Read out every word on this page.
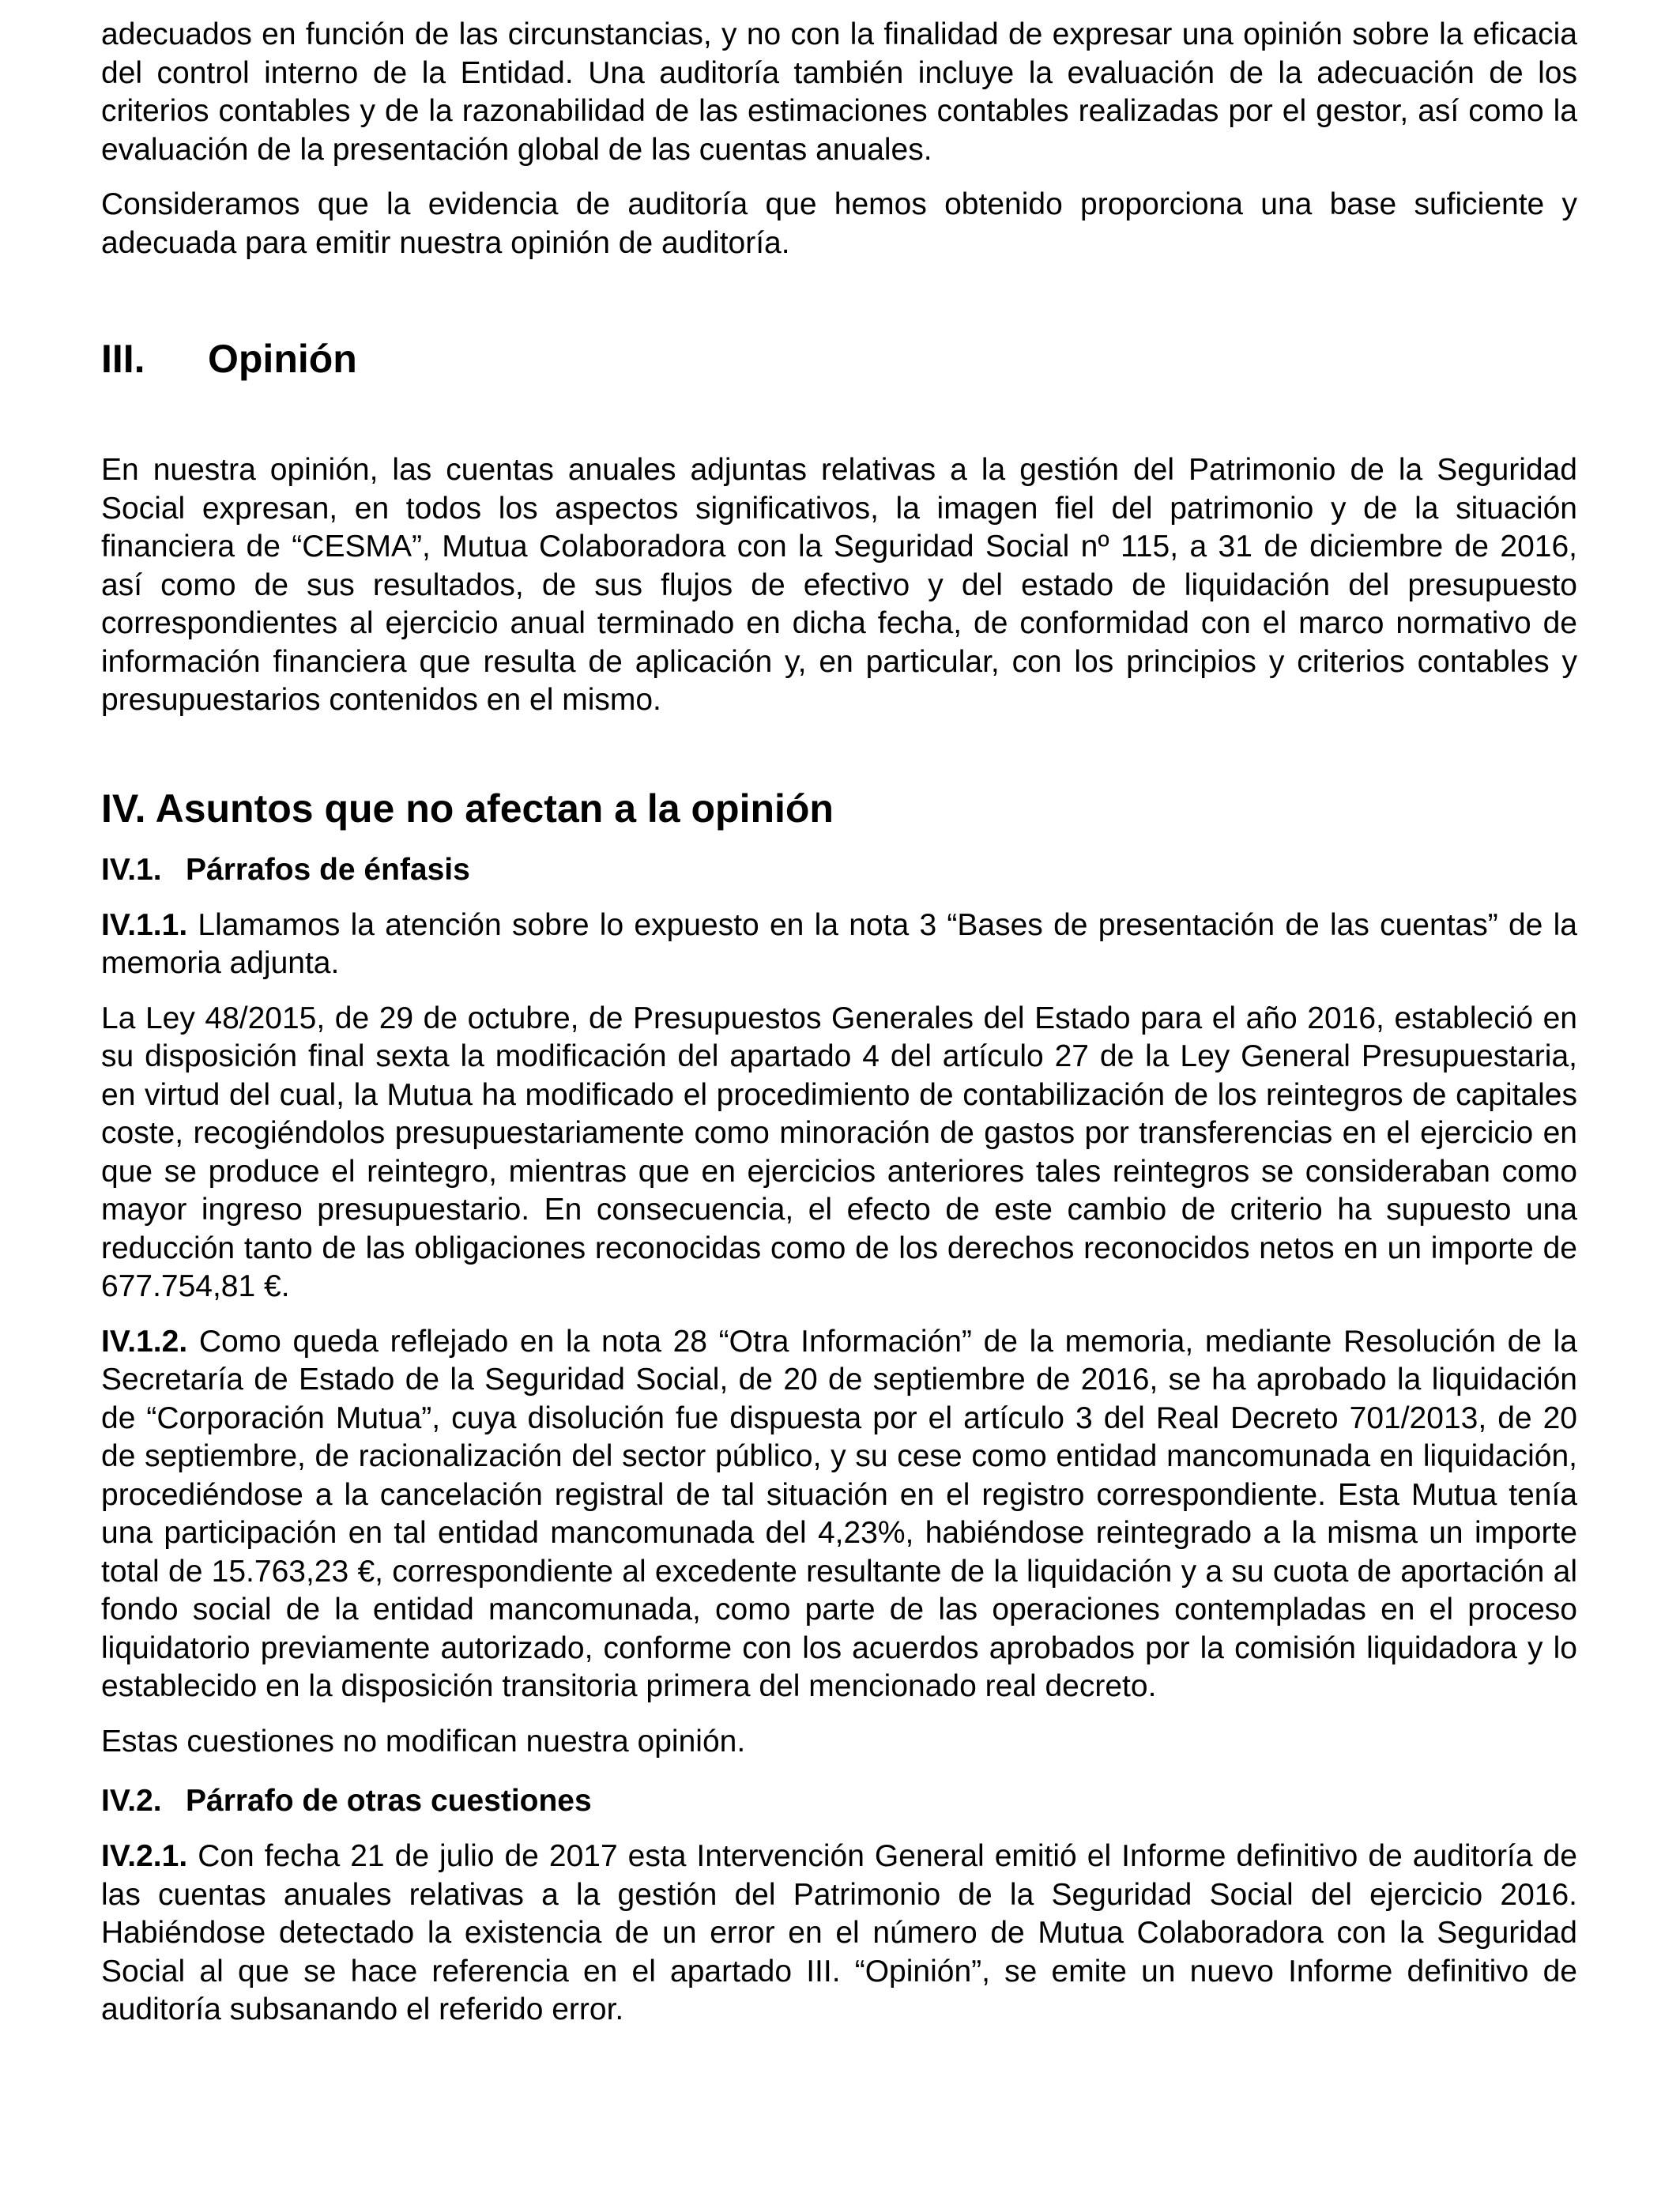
adecuados en función de las circunstancias, y no con la finalidad de expresar una opinión sobre la eficacia del control interno de la Entidad. Una auditoría también incluye la evaluación de la adecuación de los criterios contables y de la razonabilidad de las estimaciones contables realizadas por el gestor, así como la evaluación de la presentación global de las cuentas anuales.

Consideramos que la evidencia de auditoría que hemos obtenido proporciona una base suficiente y adecuada para emitir nuestra opinión de auditoría.

III.	Opinión

En nuestra opinión, las cuentas anuales adjuntas relativas a la gestión del Patrimonio de la Seguridad Social expresan, en todos los aspectos significativos, la imagen fiel del patrimonio y de la situación financiera de “CESMA”, Mutua Colaboradora con la Seguridad Social nº 115, a 31 de diciembre de 2016, así como de sus resultados, de sus flujos de efectivo y del estado de liquidación del presupuesto correspondientes al ejercicio anual terminado en dicha fecha, de conformidad con el marco normativo de información financiera que resulta de aplicación y, en particular, con los principios y criterios contables y presupuestarios contenidos en el mismo.

IV. Asuntos que no afectan a la opinión
IV.1. Párrafos de énfasis

IV.1.1. Llamamos la atención sobre lo expuesto en la nota 3 “Bases de presentación de las cuentas” de la memoria adjunta.

La Ley 48/2015, de 29 de octubre, de Presupuestos Generales del Estado para el año 2016, estableció en su disposición final sexta la modificación del apartado 4 del artículo 27 de la Ley General Presupuestaria, en virtud del cual, la Mutua ha modificado el procedimiento de contabilización de los reintegros de capitales coste, recogiéndolos presupuestariamente como minoración de gastos por transferencias en el ejercicio en que se produce el reintegro, mientras que en ejercicios anteriores tales reintegros se consideraban como mayor ingreso presupuestario. En consecuencia, el efecto de este cambio de criterio ha supuesto una reducción tanto de las obligaciones reconocidas como de los derechos reconocidos netos en un importe de 677.754,81 €.

IV.1.2. Como queda reflejado en la nota 28 “Otra Información” de la memoria, mediante Resolución de la Secretaría de Estado de la Seguridad Social, de 20 de septiembre de 2016, se ha aprobado la liquidación de “Corporación Mutua”, cuya disolución fue dispuesta por el artículo 3 del Real Decreto 701/2013, de 20 de septiembre, de racionalización del sector público, y su cese como entidad mancomunada en liquidación, procediéndose a la cancelación registral de tal situación en el registro correspondiente. Esta Mutua tenía una participación en tal entidad mancomunada del 4,23%, habiéndose reintegrado a la misma un importe total de 15.763,23 €, correspondiente al excedente resultante de la liquidación y a su cuota de aportación al fondo social de la entidad mancomunada, como parte de las operaciones contempladas en el proceso liquidatorio previamente autorizado, conforme con los acuerdos aprobados por la comisión liquidadora y lo establecido en la disposición transitoria primera del mencionado real decreto.

Estas cuestiones no modifican nuestra opinión.

IV.2. Párrafo de otras cuestiones

IV.2.1. Con fecha 21 de julio de 2017 esta Intervención General emitió el Informe definitivo de auditoría de las cuentas anuales relativas a la gestión del Patrimonio de la Seguridad Social del ejercicio 2016. Habiéndose detectado la existencia de un error en el número de Mutua Colaboradora con la Seguridad Social al que se hace referencia en el apartado III. “Opinión”, se emite un nuevo Informe definitivo de auditoría subsanando el referido error.
